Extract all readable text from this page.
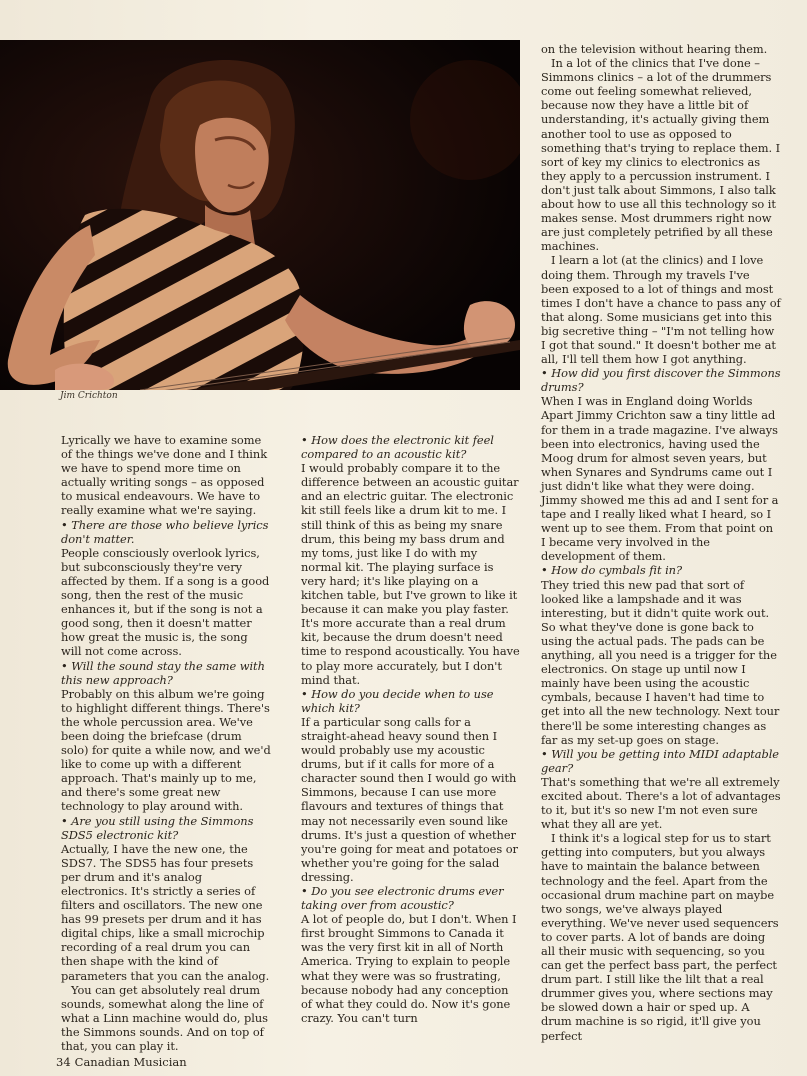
Jim Crichton

Lyrically we have to examine some of the things we've done and I think we have to spend more time on actually writing songs – as opposed to musical endeavours. We have to really examine what we're saying.

• There are those who believe lyrics don't matter.

People consciously overlook lyrics, but subconsciously they're very affected by them. If a song is a good song, then the rest of the music enhances it, but if the song is not a good song, then it doesn't matter how great the music is, the song will not come across.

• Will the sound stay the same with this new approach?

Probably on this album we're going to highlight different things. There's the whole percussion area. We've been doing the briefcase (drum solo) for quite a while now, and we'd like to come up with a different approach. That's mainly up to me, and there's some great new technology to play around with.

• Are you still using the Simmons SDS5 electronic kit?

Actually, I have the new one, the SDS7. The SDS5 has four presets per drum and it's analog electronics. It's strictly a series of filters and oscillators. The new one has 99 presets per drum and it has digital chips, like a small microchip recording of a real drum you can then shape with the kind of parameters that you can the analog.

You can get absolutely real drum sounds, somewhat along the line of what a Linn machine would do, plus the Simmons sounds. And on top of that, you can play it.

• How does the electronic kit feel compared to an acoustic kit?

I would probably compare it to the difference between an acoustic guitar and an electric guitar. The electronic kit still feels like a drum kit to me. I still think of this as being my snare drum, this being my bass drum and my toms, just like I do with my normal kit. The playing surface is very hard; it's like playing on a kitchen table, but I've grown to like it because it can make you play faster. It's more accurate than a real drum kit, because the drum doesn't need time to respond acoustically. You have to play more accurately, but I don't mind that.

• How do you decide when to use which kit?

If a particular song calls for a straight-ahead heavy sound then I would probably use my acoustic drums, but if it calls for more of a character sound then I would go with Simmons, because I can use more flavours and textures of things that may not necessarily even sound like drums. It's just a question of whether you're going for meat and potatoes or whether you're going for the salad dressing.

• Do you see electronic drums ever taking over from acoustic?

A lot of people do, but I don't. When I first brought Simmons to Canada it was the very first kit in all of North America. Trying to explain to people what they were was so frustrating, because nobody had any conception of what they could do. Now it's gone crazy. You can't turn

on the television without hearing them.

In a lot of the clinics that I've done – Simmons clinics – a lot of the drummers come out feeling somewhat relieved, because now they have a little bit of understanding, it's actually giving them another tool to use as opposed to something that's trying to replace them. I sort of key my clinics to electronics as they apply to a percussion instrument. I don't just talk about Simmons, I also talk about how to use all this technology so it makes sense. Most drummers right now are just completely petrified by all these machines.

I learn a lot (at the clinics) and I love doing them. Through my travels I've been exposed to a lot of things and most times I don't have a chance to pass any of that along. Some musicians get into this big secretive thing – "I'm not telling how I got that sound." It doesn't bother me at all, I'll tell them how I got anything.

• How did you first discover the Simmons drums?

When I was in England doing Worlds Apart Jimmy Crichton saw a tiny little ad for them in a trade magazine. I've always been into electronics, having used the Moog drum for almost seven years, but when Synares and Syndrums came out I just didn't like what they were doing. Jimmy showed me this ad and I sent for a tape and I really liked what I heard, so I went up to see them. From that point on I became very involved in the development of them.

• How do cymbals fit in?

They tried this new pad that sort of looked like a lampshade and it was interesting, but it didn't quite work out. So what they've done is gone back to using the actual pads. The pads can be anything, all you need is a trigger for the electronics. On stage up until now I mainly have been using the acoustic cymbals, because I haven't had time to get into all the new technology. Next tour there'll be some interesting changes as far as my set-up goes on stage.

• Will you be getting into MIDI adaptable gear?

That's something that we're all extremely excited about. There's a lot of advantages to it, but it's so new I'm not even sure what they all are yet.

I think it's a logical step for us to start getting into computers, but you always have to maintain the balance between technology and the feel. Apart from the occasional drum machine part on maybe two songs, we've always played everything. We've never used sequencers to cover parts. A lot of bands are doing all their music with sequencing, so you can get the perfect bass part, the perfect drum part. I still like the lilt that a real drummer gives you, where sections may be slowed down a hair or sped up. A drum machine is so rigid, it'll give you perfect

34 Canadian Musician
